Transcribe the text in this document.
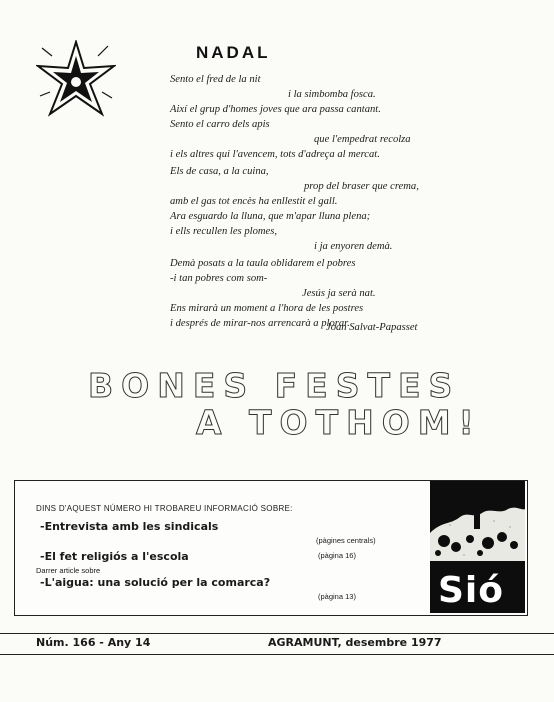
NADAL
Sento el fred de la nit
i la simbomba fosca.
Així el grup d'homes joves que ara passa cantant.
Sento el carro dels apis
que l'empedrat recolza
i els altres qui l'avencem, tots d'adreça al mercat.
Els de casa, a la cuina,
prop del braser que crema,
amb el gas tot encès ha enllestit el gall.
Ara esguardo la lluna, que m'apar lluna plena;
i ells recullen les plomes,
i ja enyoren demà.
Demà posats a la taula oblidarem el pobres
-i tan pobres com som-
Jesús ja serà nat.
Ens mirarà un moment a l'hora de les postres
i després de mirar-nos arrencarà a plorar.
Joan Salvat-Papasset

BONES FESTES

A TOTHOM!

DINS D'AQUEST NÚMERO HI TROBAREU INFORMACIÓ SOBRE:

-Entrevista amb les sindicals

(pàgines centrals)

-El fet religiós a l'escola	(pàgina 16)
Darrer article sobre

-L'aigua: una solució per la comarca?

(pàgina 13) Sió
Núm. 166 - Any 14	AGRAMUNT, desembre 1977
